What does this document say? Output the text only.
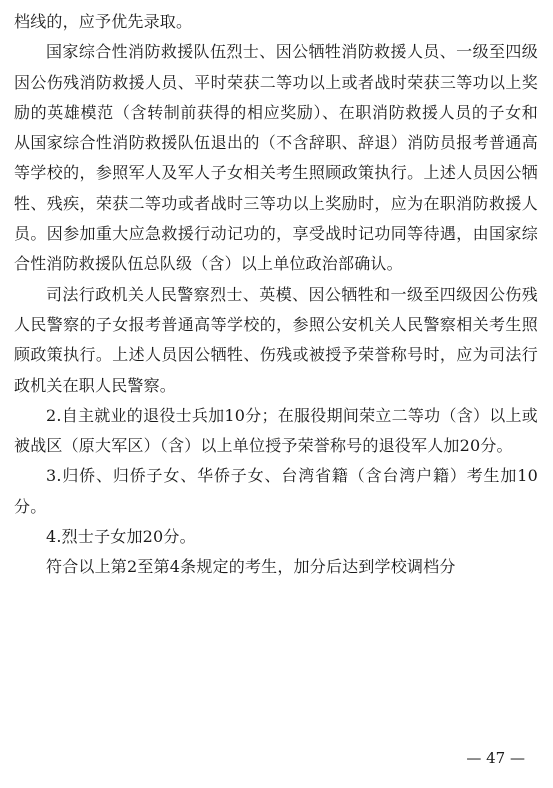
档线的，应予优先录取。

国家综合性消防救援队伍烈士、因公牺牲消防救援人员、一级至四级因公伤残消防救援人员、平时荣获二等功以上或者战时荣获三等功以上奖励的英雄模范（含转制前获得的相应奖励）、在职消防救援人员的子女和从国家综合性消防救援队伍退出的（不含辞职、辞退）消防员报考普通高等学校的，参照军人及军人子女相关考生照顾政策执行。上述人员因公牺牲、残疾，荣获二等功或者战时三等功以上奖励时，应为在职消防救援人员。因参加重大应急救援行动记功的，享受战时记功同等待遇，由国家综合性消防救援队伍总队级（含）以上单位政治部确认。

司法行政机关人民警察烈士、英模、因公牺牲和一级至四级因公伤残人民警察的子女报考普通高等学校的，参照公安机关人民警察相关考生照顾政策执行。上述人员因公牺牲、伤残或被授予荣誉称号时，应为司法行政机关在职人民警察。

2.自主就业的退役士兵加10分；在服役期间荣立二等功（含）以上或被战区（原大军区）（含）以上单位授予荣誉称号的退役军人加20分。

3.归侨、归侨子女、华侨子女、台湾省籍（含台湾户籍）考生加10分。

4.烈士子女加20分。

符合以上第2至第4条规定的考生，加分后达到学校调档分

— 47 —
